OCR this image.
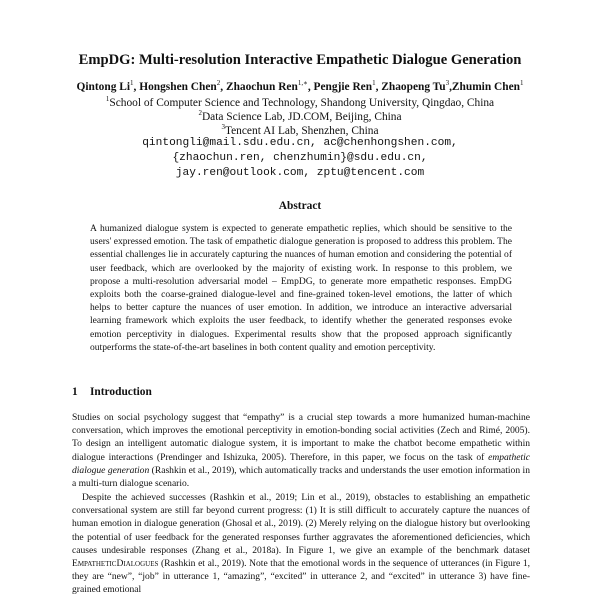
EmpDG: Multi-resolution Interactive Empathetic Dialogue Generation
Qintong Li$^1$, Hongshen Chen$^2$, Zhaochun Ren$^{1,∗}$, Pengjie Ren$^1$, Zhaopeng Tu$^3$,Zhumin Chen$^1$
$^1$School of Computer Science and Technology, Shandong University, Qingdao, China
$^2$Data Science Lab, JD.COM, Beijing, China
$^3$Tencent AI Lab, Shenzhen, China
qintongli@mail.sdu.edu.cn, ac@chenhongshen.com,
{zhaochun.ren, chenzhumin}@sdu.edu.cn,
jay.ren@outlook.com, zptu@tencent.com
Abstract
A humanized dialogue system is expected to generate empathetic replies, which should be sensitive to the users' expressed emotion. The task of empathetic dialogue generation is proposed to address this problem. The essential challenges lie in accurately capturing the nuances of human emotion and considering the potential of user feedback, which are overlooked by the majority of existing work. In response to this problem, we propose a multi-resolution adversarial model – EmpDG, to generate more empathetic responses. EmpDG exploits both the coarse-grained dialogue-level and fine-grained token-level emotions, the latter of which helps to better capture the nuances of user emotion. In addition, we introduce an interactive adversarial learning framework which exploits the user feedback, to identify whether the generated responses evoke emotion perceptivity in dialogues. Experimental results show that the proposed approach significantly outperforms the state-of-the-art baselines in both content quality and emotion perceptivity.
1 Introduction
Studies on social psychology suggest that “empathy” is a crucial step towards a more humanized human-machine conversation, which improves the emotional perceptivity in emotion-bonding social activities (Zech and Rimé, 2005). To design an intelligent automatic dialogue system, it is important to make the chatbot become empathetic within dialogue interactions (Prendinger and Ishizuka, 2005). Therefore, in this paper, we focus on the task of empathetic dialogue generation (Rashkin et al., 2019), which automatically tracks and understands the user emotion information in a multi-turn dialogue scenario.
Despite the achieved successes (Rashkin et al., 2019; Lin et al., 2019), obstacles to establishing an empathetic conversational system are still far beyond current progress: (1) It is still difficult to accurately capture the nuances of human emotion in dialogue generation (Ghosal et al., 2019). (2) Merely relying on the dialogue history but overlooking the potential of user feedback for the generated responses further aggravates the aforementioned deficiencies, which causes undesirable responses (Zhang et al., 2018a). In Figure 1, we give an example of the benchmark dataset EmpatheticDialogues (Rashkin et al., 2019). Note that the emotional words in the sequence of utterances (in Figure 1, they are “new”, “job” in utterance 1, “amazing”, “excited” in utterance 2, and “excited” in utterance 3) have fine-grained emotional
